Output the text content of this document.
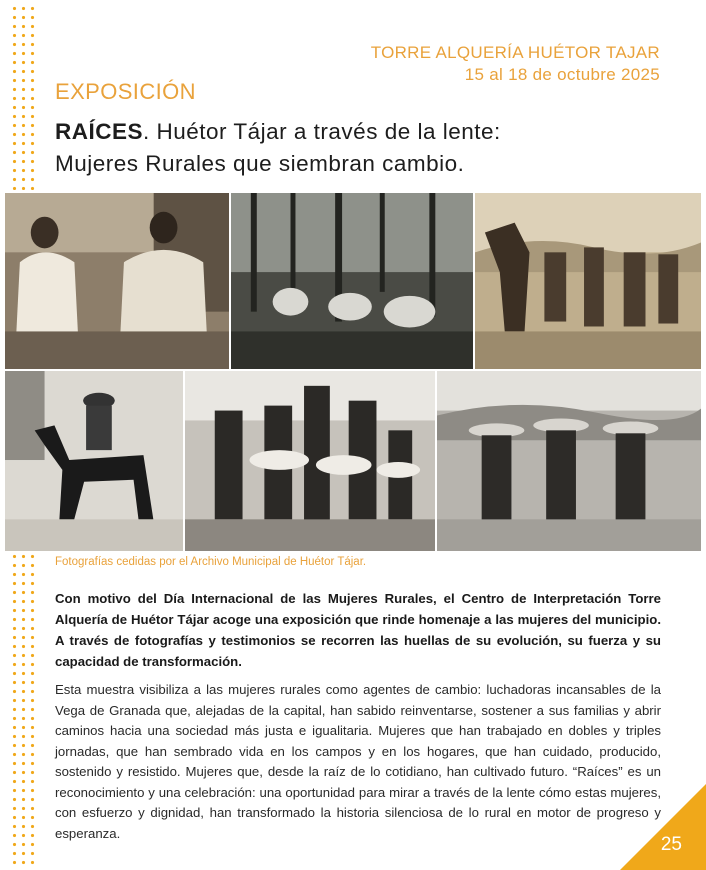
TORRE ALQUERÍA HUÉTOR TAJAR
15 al 18 de octubre 2025
EXPOSICIÓN
RAÍCES. Huétor Tájar a través de la lente:
Mujeres Rurales que siembran cambio.
Fotografías cedidas por el Archivo Municipal de Huétor Tájar.
Con motivo del Día Internacional de las Mujeres Rurales, el Centro de Interpretación Torre Alquería de Huétor Tájar acoge una exposición que rinde homenaje a las mujeres del municipio. A través de fotografías y testimonios se recorren las huellas de su evolución, su fuerza y su capacidad de transformación.
Esta muestra visibiliza a las mujeres rurales como agentes de cambio: luchadoras incansables de la Vega de Granada que, alejadas de la capital, han sabido reinventarse, sostener a sus familias y abrir caminos hacia una sociedad más justa e igualitaria. Mujeres que han trabajado en dobles y triples jornadas, que han sembrado vida en los campos y en los hogares, que han cuidado, producido, sostenido y resistido. Mujeres que, desde la raíz de lo cotidiano, han cultivado futuro. “Raíces” es un reconocimiento y una celebración: una oportunidad para mirar a través de la lente cómo estas mujeres, con esfuerzo y dignidad, han transformado la historia silenciosa de lo rural en motor de progreso y esperanza.
25
